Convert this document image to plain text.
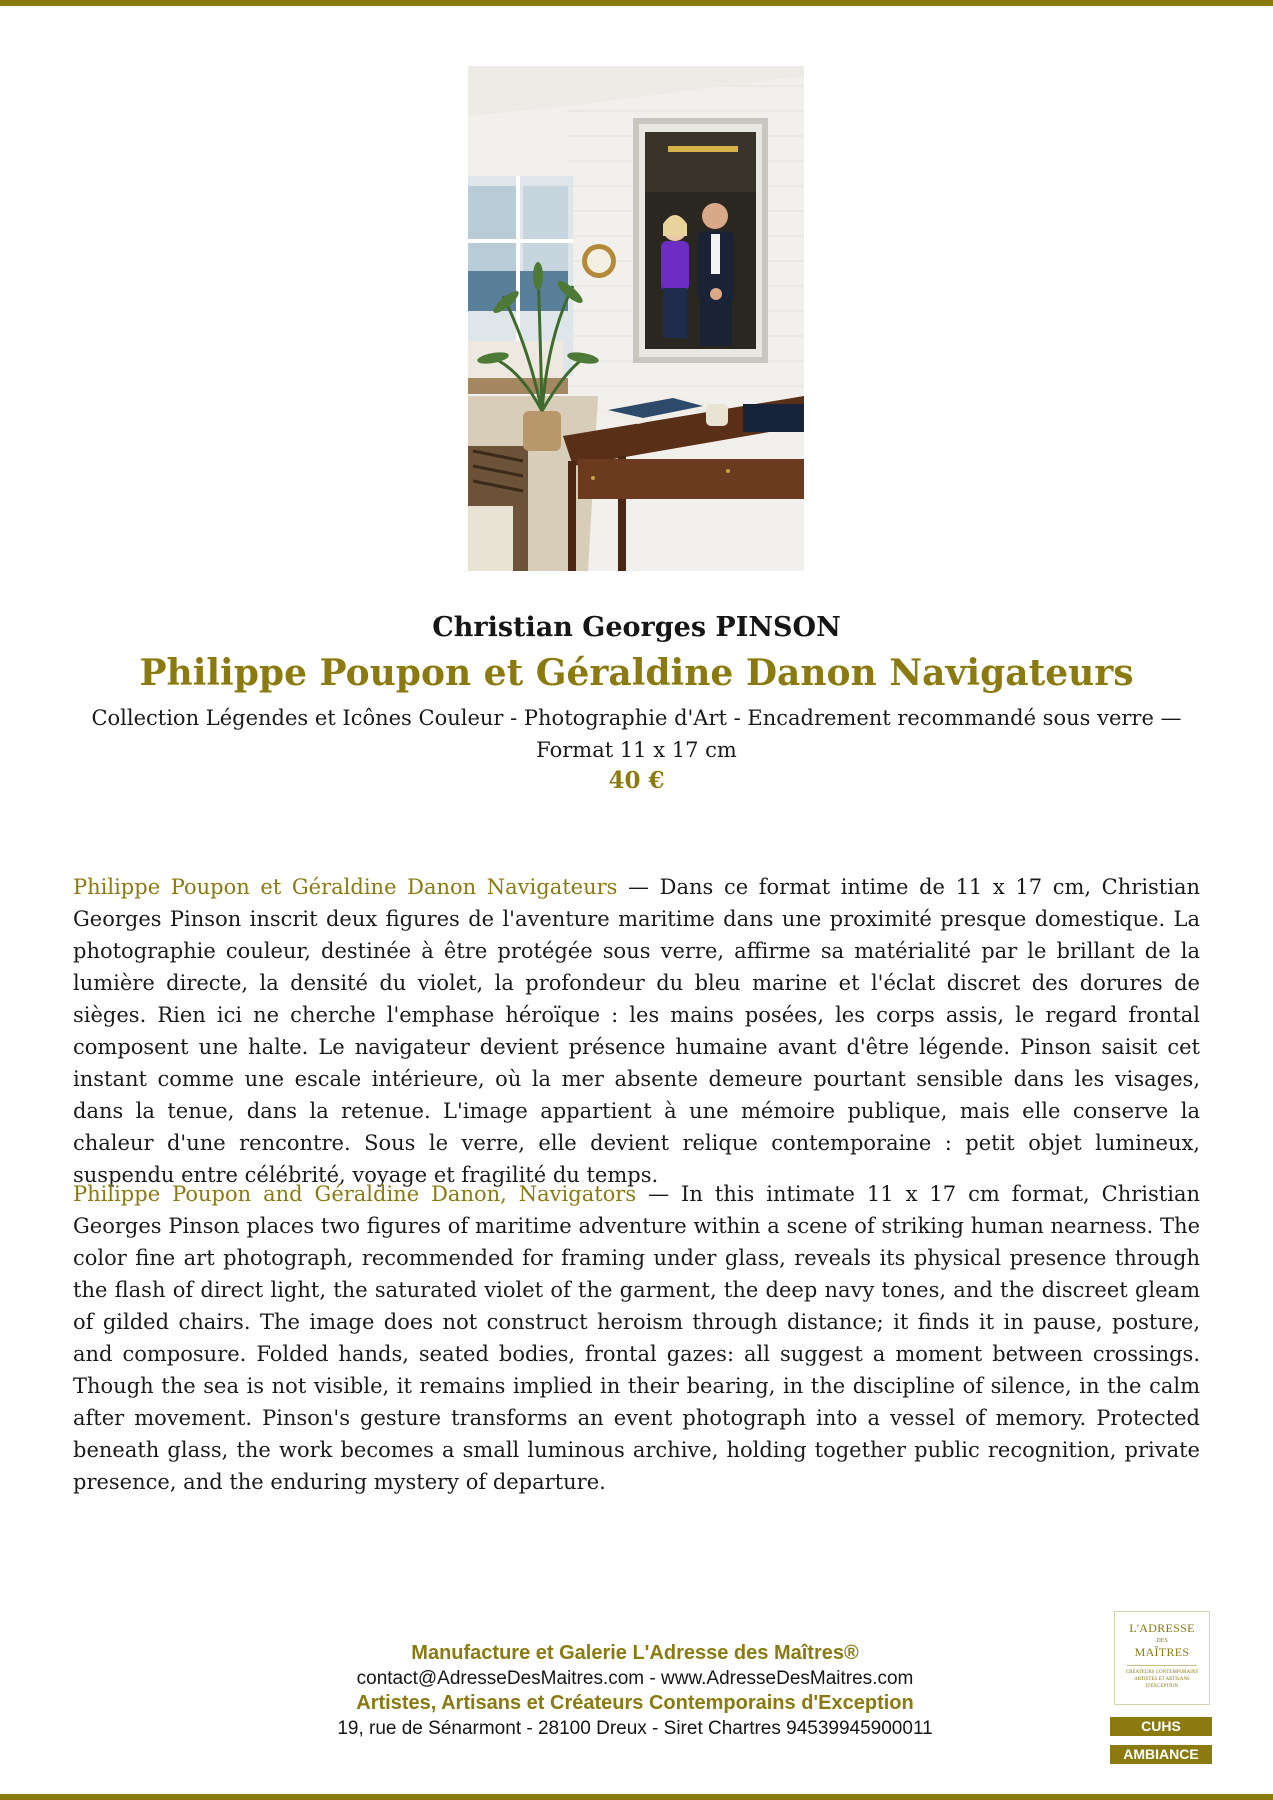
Christian Georges PINSON
Philippe Poupon et Géraldine Danon Navigateurs
Collection Légendes et Icônes Couleur - Photographie d'Art - Encadrement recommandé sous verre — Format 11 x 17 cm
40 €

Philippe Poupon et Géraldine Danon Navigateurs — Dans ce format intime de 11 x 17 cm, Christian Georges Pinson inscrit deux figures de l'aventure maritime dans une proximité presque domestique. La photographie couleur, destinée à être protégée sous verre, affirme sa matérialité par le brillant de la lumière directe, la densité du violet, la profondeur du bleu marine et l'éclat discret des dorures de sièges. Rien ici ne cherche l'emphase héroïque : les mains posées, les corps assis, le regard frontal composent une halte. Le navigateur devient présence humaine avant d'être légende. Pinson saisit cet instant comme une escale intérieure, où la mer absente demeure pourtant sensible dans les visages, dans la tenue, dans la retenue. L'image appartient à une mémoire publique, mais elle conserve la chaleur d'une rencontre. Sous le verre, elle devient relique contemporaine : petit objet lumineux, suspendu entre célébrité, voyage et fragilité du temps.

Philippe Poupon and Géraldine Danon, Navigators — In this intimate 11 x 17 cm format, Christian Georges Pinson places two figures of maritime adventure within a scene of striking human nearness. The color fine art photograph, recommended for framing under glass, reveals its physical presence through the flash of direct light, the saturated violet of the garment, the deep navy tones, and the discreet gleam of gilded chairs. The image does not construct heroism through distance; it finds it in pause, posture, and composure. Folded hands, seated bodies, frontal gazes: all suggest a moment between crossings. Though the sea is not visible, it remains implied in their bearing, in the discipline of silence, in the calm after movement. Pinson's gesture transforms an event photograph into a vessel of memory. Protected beneath glass, the work becomes a small luminous archive, holding together public recognition, private presence, and the enduring mystery of departure.

Manufacture et Galerie L'Adresse des Maîtres®
contact@AdresseDesMaitres.com - www.AdresseDesMaitres.com
Artistes, Artisans et Créateurs Contemporains d'Exception
19, rue de Sénarmont - 28100 Dreux - Siret Chartres 94539945900011
L'ADRESSE
DES
MAÎTRES
CRÉATEURS CONTEMPORAINS ARTISTES ET ARTISANS D'EXCEPTION
CUHS
AMBIANCE
